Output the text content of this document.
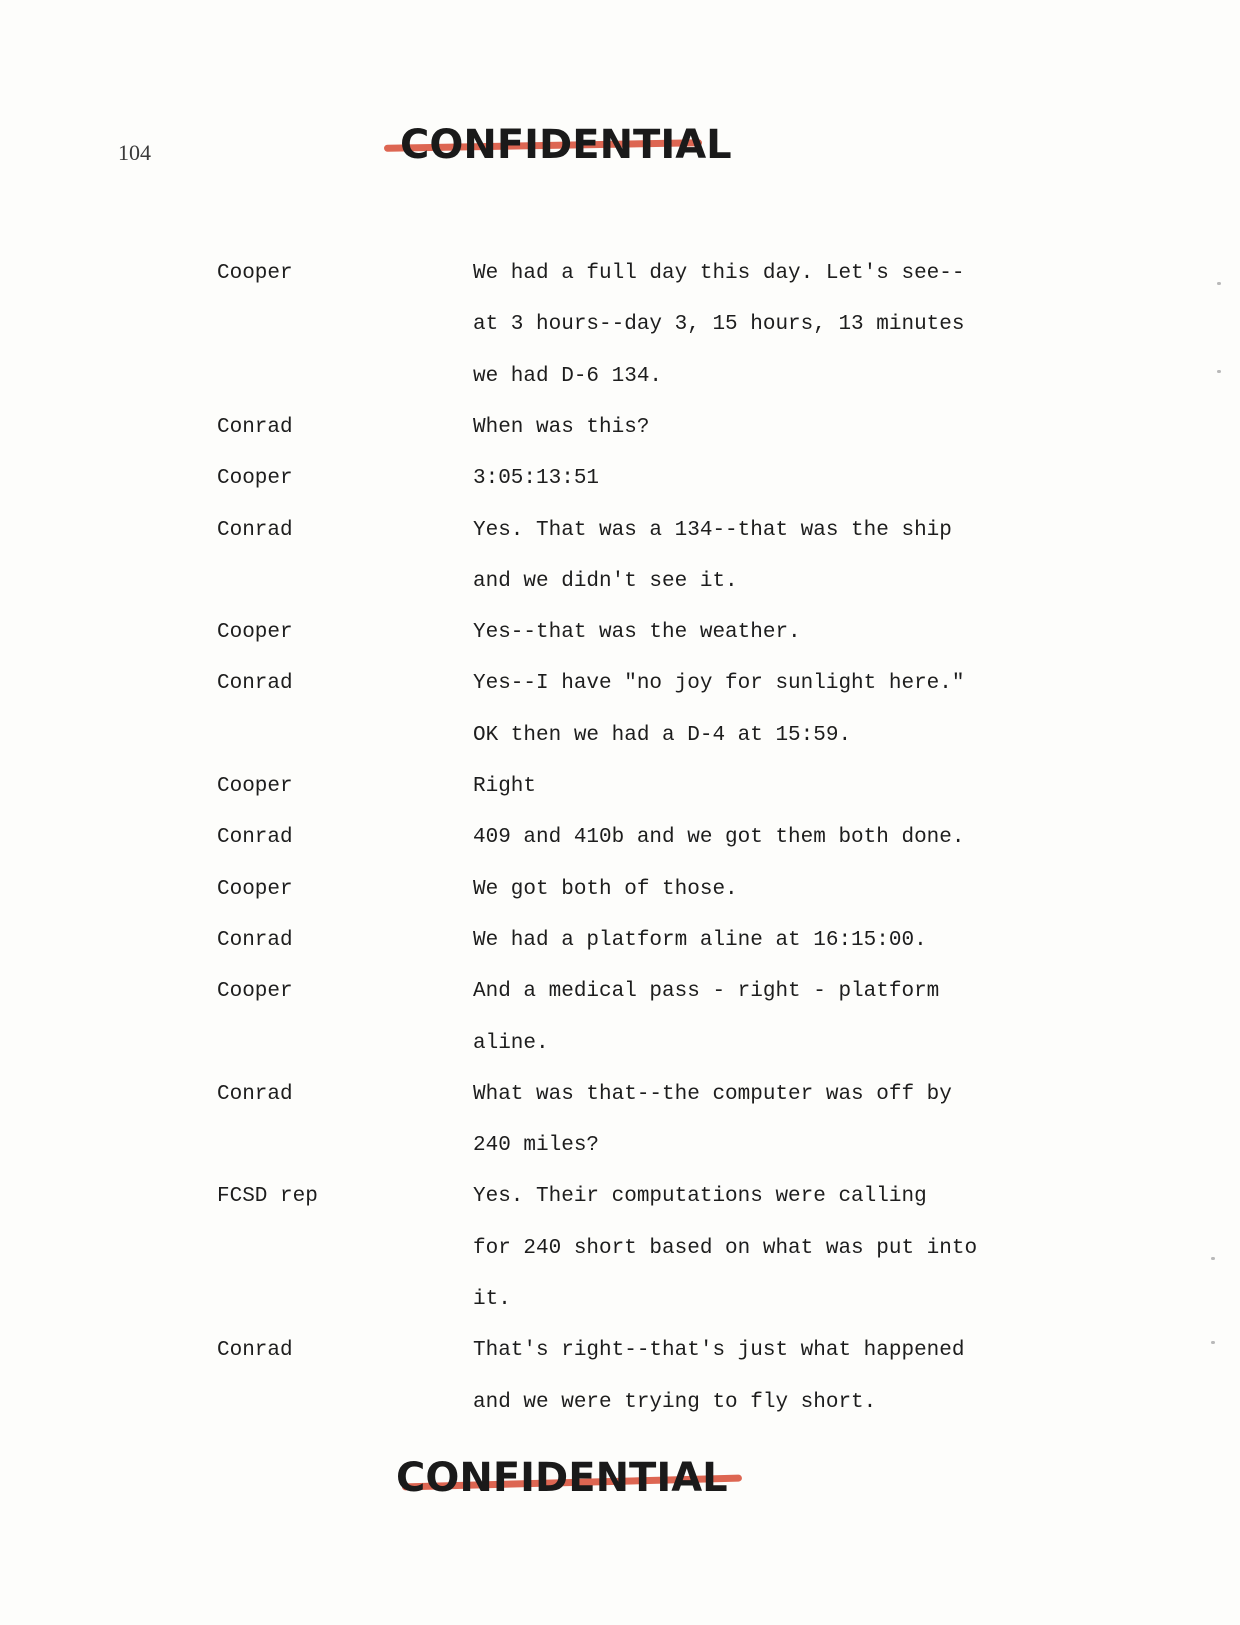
104	CONFIDENTIAL
Cooper	We had a full day this day. Let's see--
at 3 hours--day 3, 15 hours, 13 minutes
we had D-6 134.
Conrad	When was this?
Cooper	3:05:13:51
Conrad	Yes. That was a 134--that was the ship
and we didn't see it.
Cooper	Yes--that was the weather.
Conrad	Yes--I have "no joy for sunlight here."
OK then we had a D-4 at 15:59.
Cooper	Right
Conrad	409 and 410b and we got them both done.
Cooper	We got both of those.
Conrad	We had a platform aline at 16:15:00.
Cooper	And a medical pass - right - platform
aline.
Conrad	What was that--the computer was off by
240 miles?
FCSD rep	Yes. Their computations were calling
for 240 short based on what was put into
it.
Conrad	That's right--that's just what happened
and we were trying to fly short.
CONFIDENTIAL
